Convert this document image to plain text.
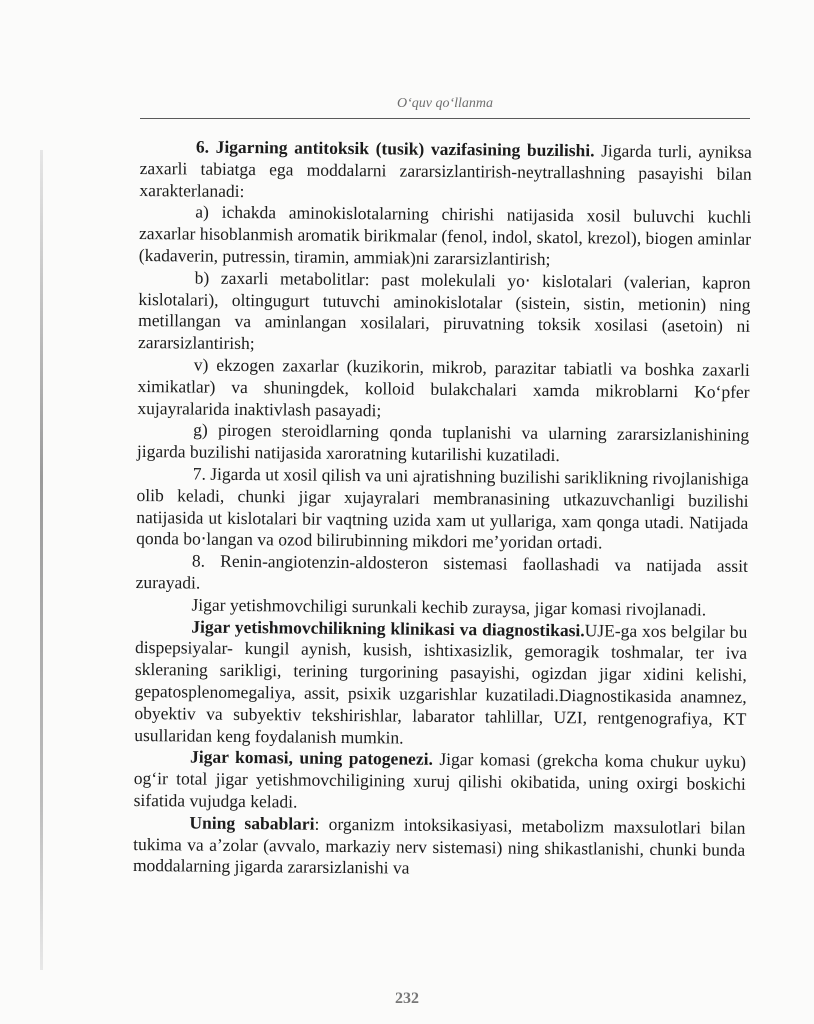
O‘quv qo‘llanma

6. Jigarning antitoksik (tusik) vazifasining buzilishi. Jigarda turli, ayniksa zaxarli tabiatga ega moddalarni zararsizlantirish-neytrallashning pasayishi bilan xarakterlanadi:

a) ichakda aminokislotalarning chirishi natijasida xosil buluvchi kuchli zaxarlar hisoblanmish aromatik birikmalar (fenol, indol, skatol, krezol), biogen aminlar (kadaverin, putressin, tiramin, ammiak)ni zararsizlantirish;

b) zaxarli metabolitlar: past molekulali yo‧ kislotalari (valerian, kapron kislotalari), oltingugurt tutuvchi aminokislotalar (sistein, sistin, metionin) ning metillangan va aminlangan xosilalari, piruvatning toksik xosilasi (asetoin) ni zararsizlantirish;

v) ekzogen zaxarlar (kuzikorin, mikrob, parazitar tabiatli va boshka zaxarli ximikatlar) va shuningdek, kolloid bulakchalari xamda mikroblarni Ko‘pfer xujayralarida inaktivlash pasayadi;

g) pirogen steroidlarning qonda tuplanishi va ularning zararsizlanishining jigarda buzilishi natijasida xaroratning kutarilishi kuzatiladi.

7. Jigarda ut xosil qilish va uni ajratishning buzilishi sariklikning rivojlanishiga olib keladi, chunki jigar xujayralari membranasining utkazuvchanligi buzilishi natijasida ut kislotalari bir vaqtning uzida xam ut yullariga, xam qonga utadi. Natijada qonda bo‧langan va ozod bilirubinning mikdori me’yoridan ortadi.

8. Renin-angiotenzin-aldosteron sistemasi faollashadi va natijada assit zurayadi.

Jigar yetishmovchiligi surunkali kechib zuraysa, jigar komasi rivojlanadi.

Jigar yetishmovchilikning klinikasi va diagnostikasi.UJE-ga xos belgilar bu dispepsiyalar- kungil aynish, kusish, ishtixasizlik, gemoragik toshmalar, ter iva skleraning sarikligi, terining turgorining pasayishi, ogizdan jigar xidini kelishi, gepatosplenomegaliya, assit, psixik uzgarishlar kuzatiladi.Diagnostikasida anamnez, obyektiv va subyektiv tekshirishlar, labarator tahlillar, UZI, rentgenografiya, KT usullaridan keng foydalanish mumkin.

Jigar komasi, uning patogenezi. Jigar komasi (grekcha koma chukur uyku) og‘ir total jigar yetishmovchiligining xuruj qilishi okibatida, uning oxirgi boskichi sifatida vujudga keladi.

Uning sabablari: organizm intoksikasiyasi, metabolizm maxsulotlari bilan tukima va a’zolar (avvalo, markaziy nerv sistemasi) ning shikastlanishi, chunki bunda moddalarning jigarda zararsizlanishi va

232
